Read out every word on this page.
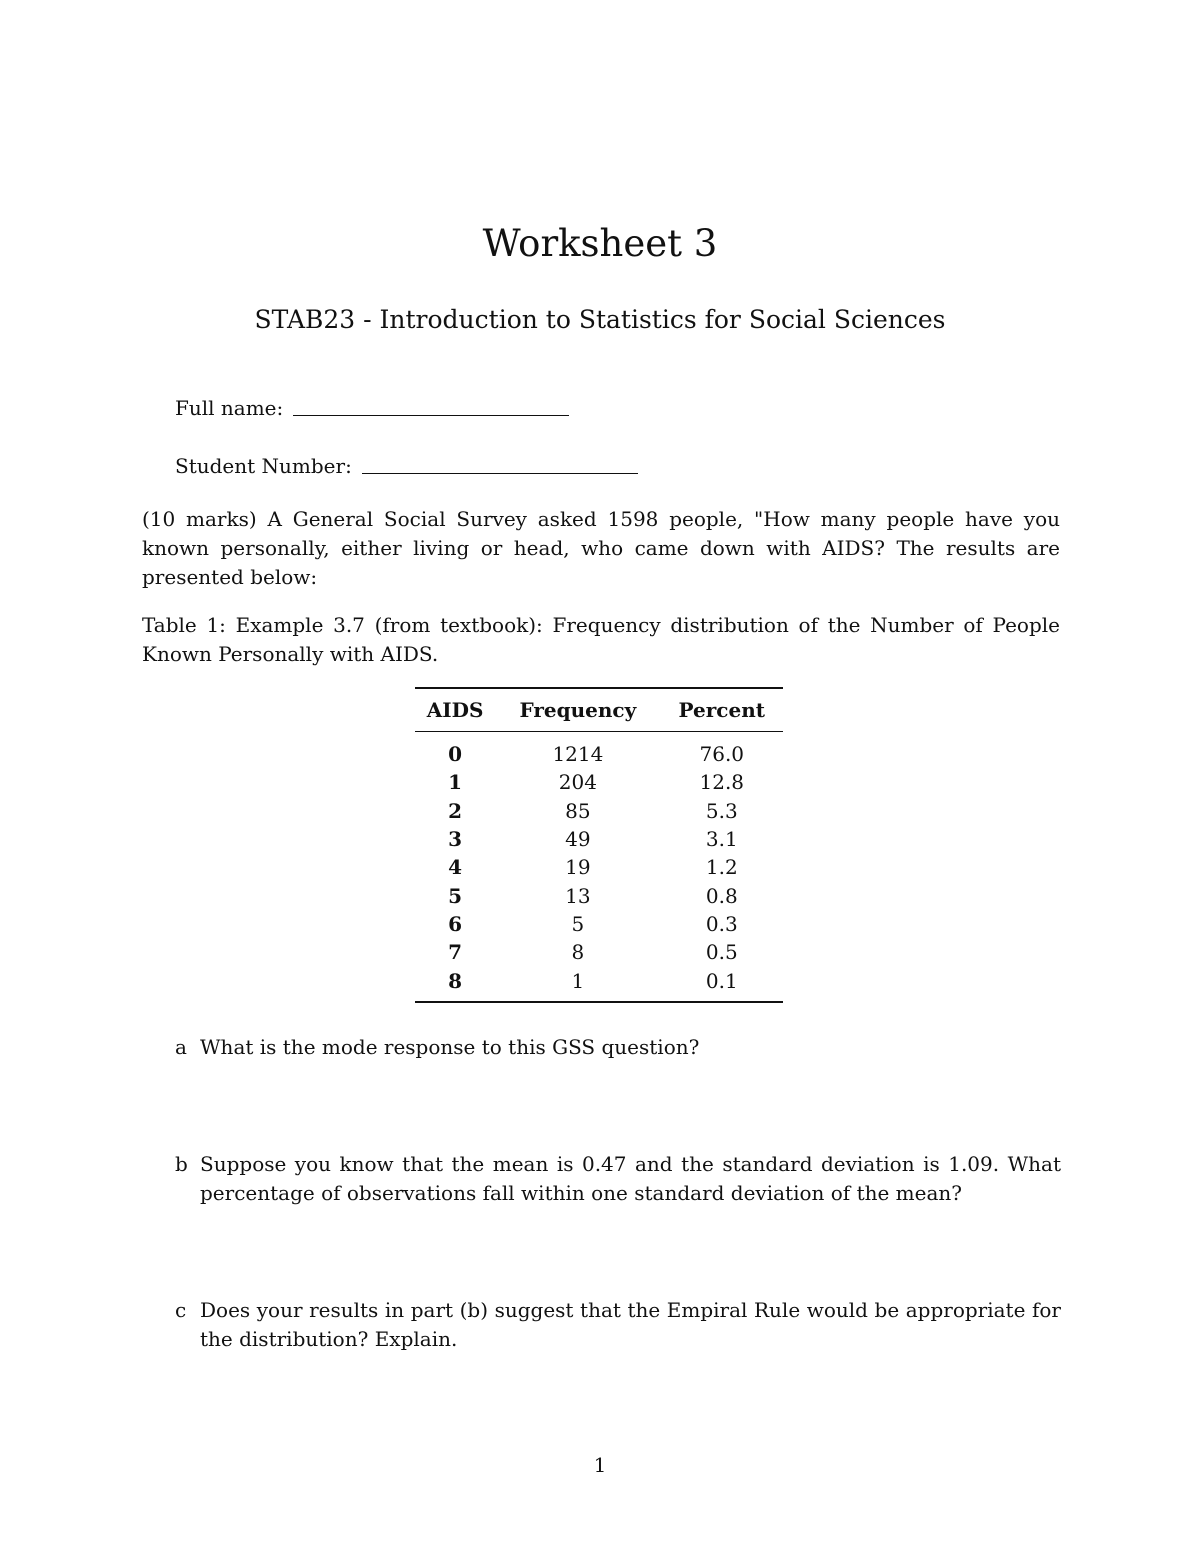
Worksheet 3
STAB23 - Introduction to Statistics for Social Sciences
Full name:
Student Number:

(10 marks) A General Social Survey asked 1598 people, "How many people have you known personally, either living or head, who came down with AIDS? The results are presented below:

Table 1: Example 3.7 (from textbook): Frequency distribution of the Number of People Known Personally with AIDS.

AIDS	Frequency	Percent
0	1214	76.0
1	204	12.8
2	85	5.3
3	49	3.1
4	19	1.2
5	13	0.8
6	5	0.3
7	8	0.5
8	1	0.1
a What is the mode response to this GSS question?
b Suppose you know that the mean is 0.47 and the standard deviation is 1.09. What percentage of observations fall within one standard deviation of the mean?
c Does your results in part (b) suggest that the Empiral Rule would be appropriate for the distribution? Explain.
1
